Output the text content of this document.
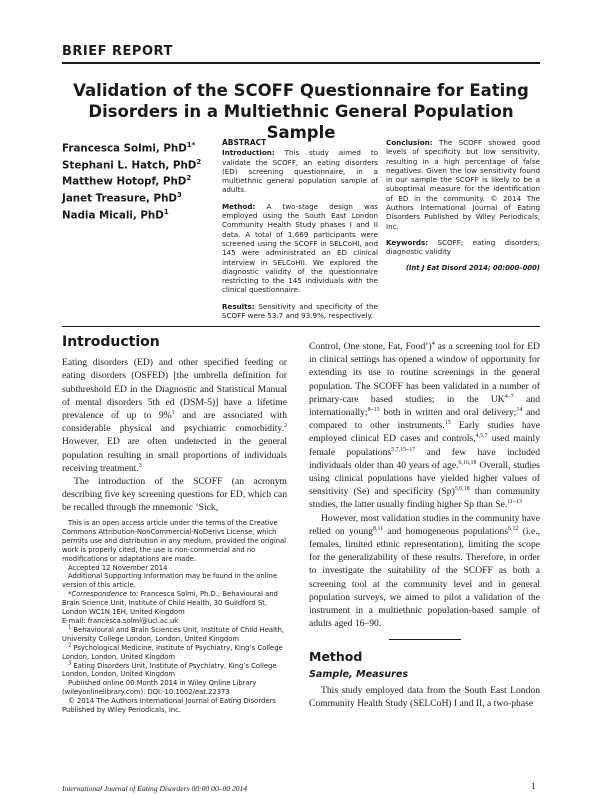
BRIEF REPORT
Validation of the SCOFF Questionnaire for Eating
Disorders in a Multiethnic General Population Sample
Francesca Solmi, PhD$^{1*}$
Stephani L. Hatch, PhD$^2$
Matthew Hotopf, PhD$^2$
Janet Treasure, PhD$^3$
Nadia Micali, PhD$^1$

ABSTRACT

Introduction: This study aimed to validate the SCOFF, an eating disorders (ED) screening questionnaire, in a multiethnic general population sample of adults.

Method: A two-stage design was employed using the South East London Community Health Study phases I and II data. A total of 1,669 participants were screened using the SCOFF in SELCoHI, and 145 were administrated an ED clinical interview in SELCoHII. We explored the diagnostic validity of the questionnaire restricting to the 145 individuals with the clinical questionnaire.

Results: Sensitivity and specificity of the SCOFF were 53.7 and 93.9%, respectively.

Conclusion: The SCOFF showed good levels of specificity but low sensitivity, resulting in a high percentage of false negatives. Given the low sensitivity found in our sample the SCOFF is likely to be a suboptimal measure for the identification of ED in the community. © 2014 The Authors International Journal of Eating Disorders Published by Wiley Periodicals, Inc.

Keywords: SCOFF; eating disorders; diagnostic validity

(Int J Eat Disord 2014; 00:000–000)

Introduction

Eating disorders (ED) and other specified feeding or eating disorders (OSFED) [the umbrella definition for subthreshold ED in the Diagnostic and Statistical Manual of mental disorders 5th ed (DSM-5)] have a lifetime prevalence of up to 9%$^1$ and are associated with considerable physical and psychiatric comorbidity.$^2$ However, ED are often undetected in the general population resulting in small proportions of individuals receiving treatment.$^3$

The introduction of the SCOFF (an acronym describing five key screening questions for ED, which can be recalled through the mnemonic ‘Sick,

This is an open access article under the terms of the Creative Commons Attribution-NonCommercial-NoDerivs License, which permits use and distribution in any medium, provided the original work is properly cited, the use is non-commercial and no modifications or adaptations are made.

Accepted 12 November 2014

Additional Supporting Information may be found in the online version of this article.

*Correspondence to: Francesca Solmi, Ph.D.; Behavioural and Brain Science Unit, Institute of Child Health, 30 Guildford St, London WC1N 1EH, United Kingdom

E-mail: francesca.solmi@ucl.ac.uk

$^1$ Behavioural and Brain Sciences Unit, Institute of Child Health, University College London, London, United Kingdom

$^2$ Psychological Medicine, Institute of Psychiatry, King’s College London, London, United Kingdom

$^3$ Eating Disorders Unit, Institute of Psychiatry, King’s College London, London, United Kingdom

Published online 00 Month 2014 in Wiley Online Library (wileyonlinelibrary.com). DOI: 10.1002/eat.22373

© 2014 The Authors International Journal of Eating Disorders Published by Wiley Periodicals, Inc.

Control, One stone, Fat, Food’)$^4$ as a screening tool for ED in clinical settings has opened a window of opportunity for extending its use to routine screenings in the general population. The SCOFF has been validated in a number of primary-care based studies; in the UK$^{4-7}$ and internationally;$^{8-13}$ both in written and oral delivery;$^{14}$ and compared to other instruments.$^{15}$ Early studies have employed clinical ED cases and controls,$^{4,5,7}$ used mainly female populations$^{5,7,15-17}$ and few have included individuals older than 40 years of age.$^{6,16,18}$ Overall, studies using clinical populations have yielded higher values of sensitivity (Se) and specificity $(Sp)^{5,6,18}$ than community studies, the latter usually finding higher Sp than Se.$^{11-13}$

However, most validation studies in the community have relied on young$^{8,11}$ and homogeneous populations$^{6,12}$ (i.e., females, limited ethnic representation), limiting the scope for the generalizability of these results. Therefore, in order to investigate the suitability of the SCOFF as both a screening tool at the community level and in general population surveys, we aimed to pilot a validation of the instrument in a multiethnic population-based sample of adults aged 16–90.

Method

Sample, Measures

This study employed data from the South East London Community Health Study (SELCoH) I and II, a two-phase

International Journal of Eating Disorders 00:00 00–00 2014	1
